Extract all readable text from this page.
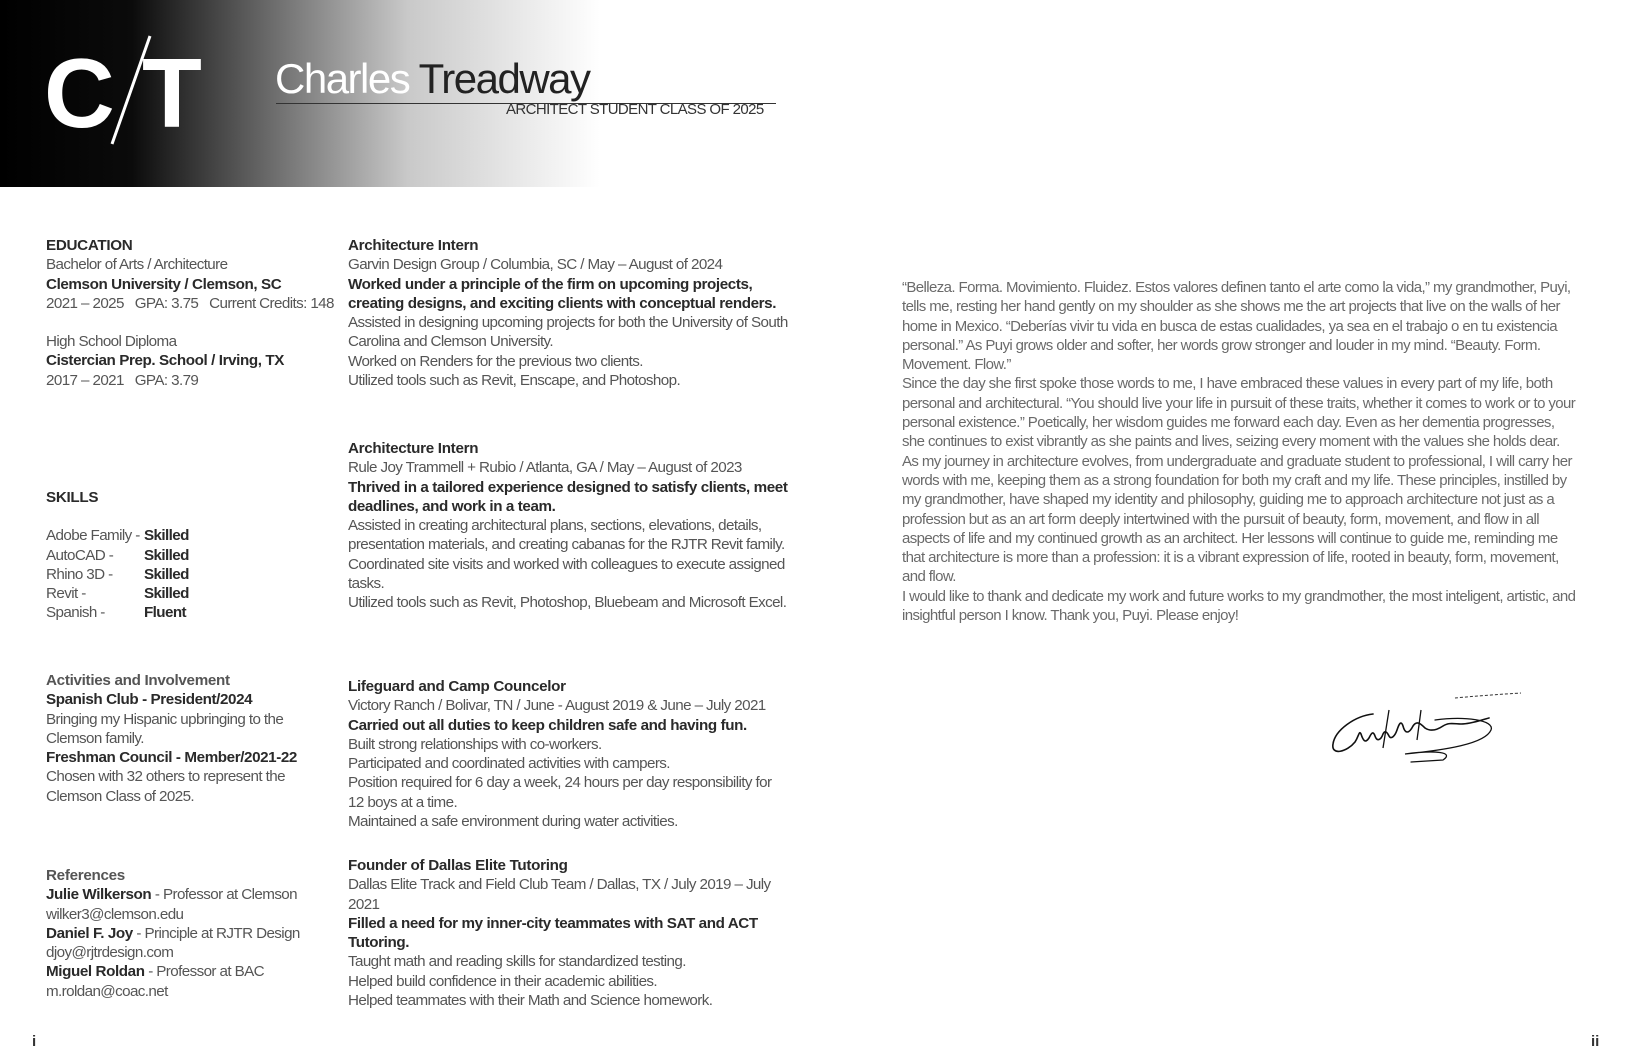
C T Charles Treadway
ARCHITECT STUDENT CLASS OF 2025
EDUCATION
Bachelor of Arts / Architecture
Clemson University / Clemson, SC
2021 – 2025   GPA: 3.75   Current Credits: 148
High School Diploma
Cistercian Prep. School / Irving, TX
2017 – 2021   GPA: 3.79
SKILLS
Adobe Family - Skilled
AutoCAD -	Skilled
Rhino 3D -	Skilled
Revit -	Skilled
Spanish -	Fluent
Activities and Involvement
Spanish Club - President/2024
Bringing my Hispanic upbringing to the Clemson family.
Freshman Council - Member/2021-22
Chosen with 32 others to represent the Clemson Class of 2025.
References
Julie Wilkerson - Professor at Clemson
wilker3@clemson.edu
Daniel F. Joy - Principle at RJTR Design
djoy@rjtrdesign.com
Miguel Roldan - Professor at BAC
m.roldan@coac.net
Architecture Intern
Garvin Design Group / Columbia, SC / May – August of 2024
Worked under a principle of the firm on upcoming projects, creating designs, and exciting clients with conceptual renders.
Assisted in designing upcoming projects for both the University of South Carolina and Clemson University.
Worked on Renders for the previous two clients.
Utilized tools such as Revit, Enscape, and Photoshop.
Architecture Intern
Rule Joy Trammell + Rubio / Atlanta, GA / May – August of 2023
Thrived in a tailored experience designed to satisfy clients, meet deadlines, and work in a team.
Assisted in creating architectural plans, sections, elevations, details, presentation materials, and creating cabanas for the RJTR Revit family.
Coordinated site visits and worked with colleagues to execute assigned tasks.
Utilized tools such as Revit, Photoshop, Bluebeam and Microsoft Excel.
Lifeguard and Camp Councelor
Victory Ranch / Bolivar, TN / June - August 2019 & June – July 2021
Carried out all duties to keep children safe and having fun.
Built strong relationships with co-workers.
Participated and coordinated activities with campers.
Position required for 6 day a week, 24 hours per day responsibility for 12 boys at a time.
Maintained a safe environment during water activities.
Founder of Dallas Elite Tutoring
Dallas Elite Track and Field Club Team / Dallas, TX / July 2019 – July 2021
Filled a need for my inner-city teammates with SAT and ACT Tutoring.
Taught math and reading skills for standardized testing.
Helped build confidence in their academic abilities.
Helped teammates with their Math and Science homework.

“Belleza. Forma. Movimiento. Fluidez. Estos valores definen tanto el arte como la vida,” my grandmother, Puyi, tells me, resting her hand gently on my shoulder as she shows me the art projects that live on the walls of her home in Mexico. “Deberías vivir tu vida en busca de estas cualidades, ya sea en el trabajo o en tu existencia personal.” As Puyi grows older and softer, her words grow stronger and louder in my mind. “Beauty. Form. Movement. Flow.”

Since the day she first spoke those words to me, I have embraced these values in every part of my life, both personal and architectural. “You should live your life in pursuit of these traits, whether it comes to work or to your personal existence.” Poetically, her wisdom guides me forward each day. Even as her dementia progresses, she continues to exist vibrantly as she paints and lives, seizing every moment with the values she holds dear.

As my journey in architecture evolves, from undergraduate and graduate student to professional, I will carry her words with me, keeping them as a strong foundation for both my craft and my life. These principles, instilled by my grandmother, have shaped my identity and philosophy, guiding me to approach architecture not just as a profession but as an art form deeply intertwined with the pursuit of beauty, form, movement, and flow in all aspects of life and my continued growth as an architect. Her lessons will continue to guide me, reminding me that architecture is more than a profession: it is a vibrant expression of life, rooted in beauty, form, movement, and flow.

I would like to thank and dedicate my work and future works to my grandmother, the most inteligent, artistic, and insightful person I know. Thank you, Puyi. Please enjoy!

i	ii
